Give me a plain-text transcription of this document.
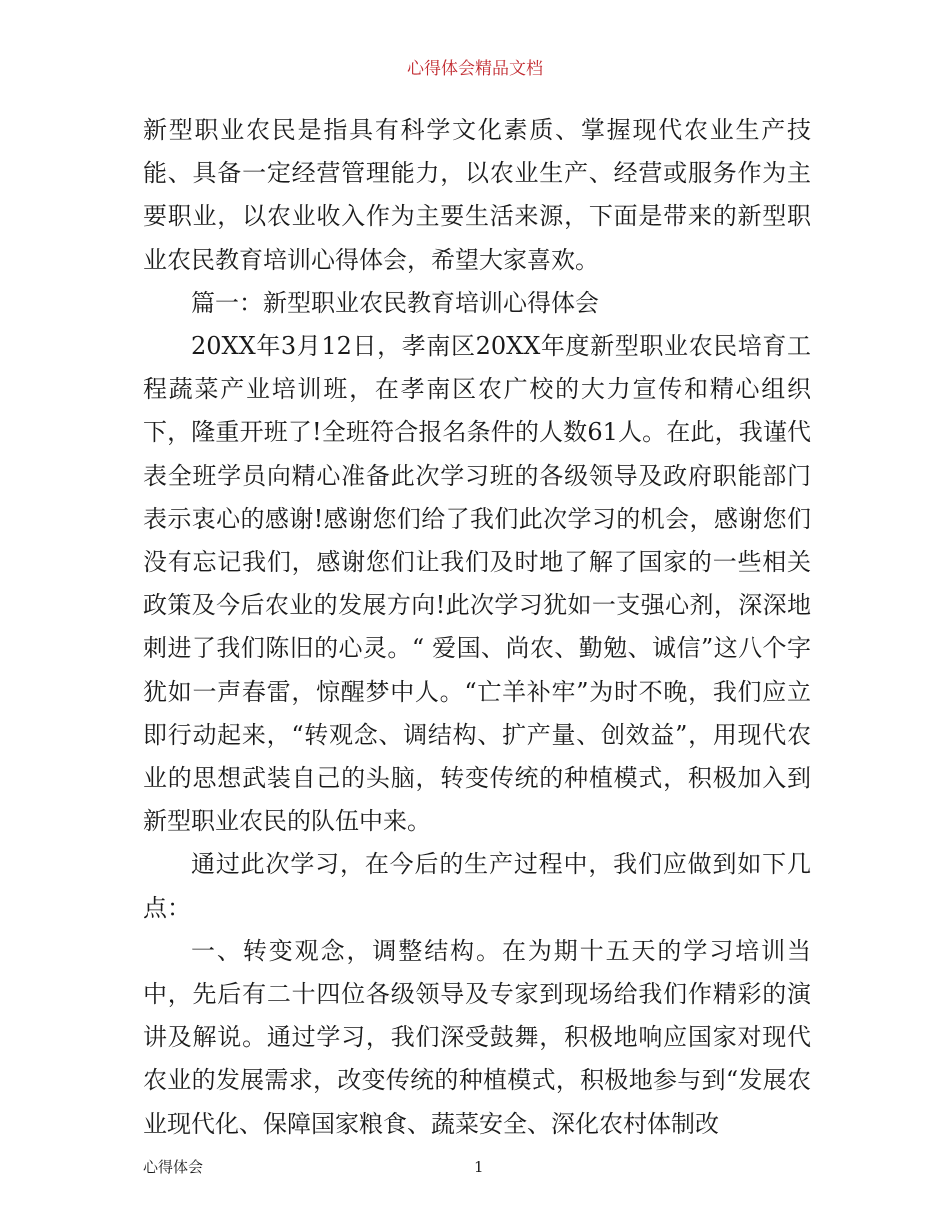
心得体会精品文档

新型职业农民是指具有科学文化素质、掌握现代农业生产技能、具备一定经营管理能力，以农业生产、经营或服务作为主要职业，以农业收入作为主要生活来源，下面是带来的新型职业农民教育培训心得体会，希望大家喜欢。

篇一：新型职业农民教育培训心得体会

20XX年3月12日，孝南区20XX年度新型职业农民培育工程蔬菜产业培训班，在孝南区农广校的大力宣传和精心组织下，隆重开班了!全班符合报名条件的人数61人。在此，我谨代表全班学员向精心准备此次学习班的各级领导及政府职能部门表示衷心的感谢!感谢您们给了我们此次学习的机会，感谢您们没有忘记我们，感谢您们让我们及时地了解了国家的一些相关政策及今后农业的发展方向!此次学习犹如一支强心剂，深深地刺进了我们陈旧的心灵。“ 爱国、尚农、勤勉、诚信”这八个字犹如一声春雷，惊醒梦中人。“亡羊补牢”为时不晚，我们应立即行动起来，“转观念、调结构、扩产量、创效益”，用现代农业的思想武装自己的头脑，转变传统的种植模式，积极加入到新型职业农民的队伍中来。

通过此次学习，在今后的生产过程中，我们应做到如下几点：

一、转变观念，调整结构。在为期十五天的学习培训当中，先后有二十四位各级领导及专家到现场给我们作精彩的演讲及解说。通过学习，我们深受鼓舞，积极地响应国家对现代农业的发展需求，改变传统的种植模式，积极地参与到“发展农业现代化、保障国家粮食、蔬菜安全、深化农村体制改

心得体会	1
